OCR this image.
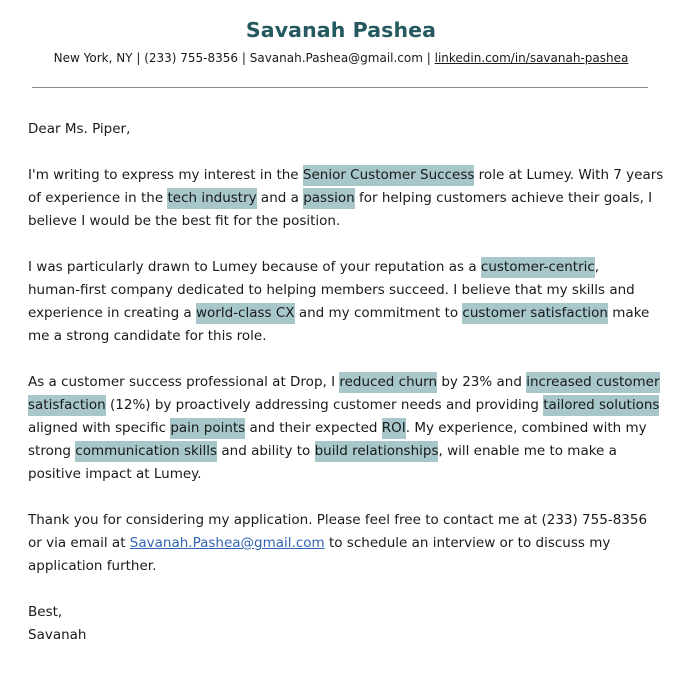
Savanah Pashea
New York, NY | (233) 755-8356 | Savanah.Pashea@gmail.com | linkedin.com/in/savanah-pashea
Dear Ms. Piper,
I'm writing to express my interest in the Senior Customer Success role at Lumey. With 7 years
of experience in the tech industry and a passion for helping customers achieve their goals, I
believe I would be the best fit for the position.
I was particularly drawn to Lumey because of your reputation as a customer-centric,
human-first company dedicated to helping members succeed. I believe that my skills and
experience in creating a world-class CX and my commitment to customer satisfaction make
me a strong candidate for this role.
As a customer success professional at Drop, I reduced churn by 23% and increased customer
satisfaction (12%) by proactively addressing customer needs and providing tailored solutions
aligned with specific pain points and their expected ROI. My experience, combined with my
strong communication skills and ability to build relationships, will enable me to make a
positive impact at Lumey.
Thank you for considering my application. Please feel free to contact me at (233) 755-8356
or via email at Savanah.Pashea@gmail.com to schedule an interview or to discuss my
application further.
Best,
Savanah
